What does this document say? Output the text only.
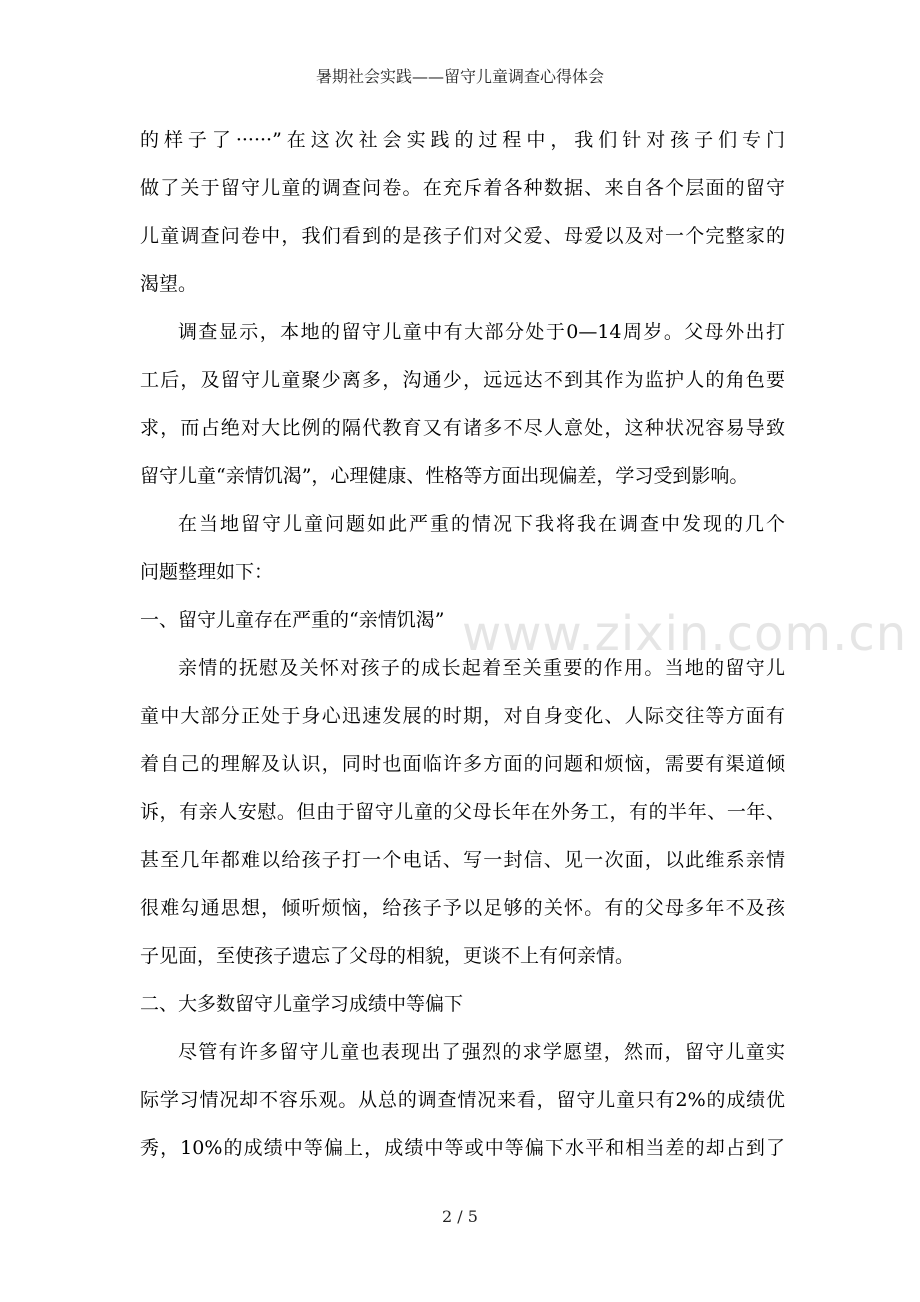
暑期社会实践——留守儿童调查心得体会
的样子了······”在这次社会实践的过程中，我们针对孩子们专门
做了关于留守儿童的调查问卷。在充斥着各种数据、来自各个层面的留守
儿童调查问卷中，我们看到的是孩子们对父爱、母爱以及对一个完整家的
渴望。
调查显示，本地的留守儿童中有大部分处于0—14周岁。父母外出打
工后，及留守儿童聚少离多，沟通少，远远达不到其作为监护人的角色要
求，而占绝对大比例的隔代教育又有诸多不尽人意处，这种状况容易导致
留守儿童“亲情饥渴”，心理健康、性格等方面出现偏差，学习受到影响。
在当地留守儿童问题如此严重的情况下我将我在调查中发现的几个
问题整理如下：
一、留守儿童存在严重的“亲情饥渴”
亲情的抚慰及关怀对孩子的成长起着至关重要的作用。当地的留守儿
童中大部分正处于身心迅速发展的时期，对自身变化、人际交往等方面有
着自己的理解及认识，同时也面临许多方面的问题和烦恼，需要有渠道倾
诉，有亲人安慰。但由于留守儿童的父母长年在外务工，有的半年、一年、
甚至几年都难以给孩子打一个电话、写一封信、见一次面，以此维系亲情
很难勾通思想，倾听烦恼，给孩子予以足够的关怀。有的父母多年不及孩
子见面，至使孩子遗忘了父母的相貌，更谈不上有何亲情。
二、大多数留守儿童学习成绩中等偏下
尽管有许多留守儿童也表现出了强烈的求学愿望，然而，留守儿童实
际学习情况却不容乐观。从总的调查情况来看，留守儿童只有2%的成绩优
秀，10%的成绩中等偏上，成绩中等或中等偏下水平和相当差的却占到了
www.zixin.com.cn
2 / 5
